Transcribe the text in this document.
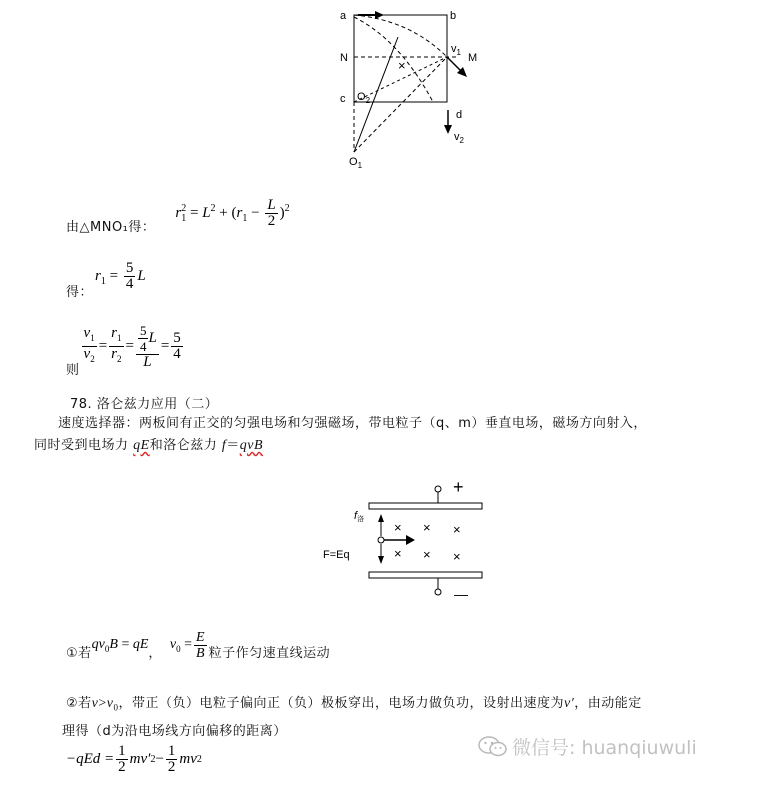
a	b
c
N	M
d
$v_1$
$v_2$
$O_2$
$O_1$
×
由△MNO₁得：
$r_1^2 = L^2 + (r_1 - \frac{L}{2} )^2$
得：
$r_1 = \frac{5}{4}$ L
则
$\frac{v_1}{v_2} = \frac{r_1}{r_2} = \frac{\frac{5}{4} L}{L} = \frac{5}{4}$
78. 洛仑兹力应用（二）
速度选择器：两板间有正交的匀强电场和匀强磁场，带电粒子（q、m）垂直电场，磁场方向射入，
同时受到电场力 qE和洛仑兹力 f＝qvB
+
—
f洛
F=Eq
× × ×
× × ×
①若
$qv_0B$ = qE
，
$v_0 = \frac{E}{B}$ 粒子作匀速直线运动
②若$v>v_0$，带正（负）电粒子偏向正（负）极板穿出，电场力做负功，设射出速度为v′，由动能定
理得（d为沿电场线方向偏移的距离）
$-qEd = \frac{1}{2} mv'$ $2 - \frac{1}{2}$ mv 2
微信号: huanqiuwuli
